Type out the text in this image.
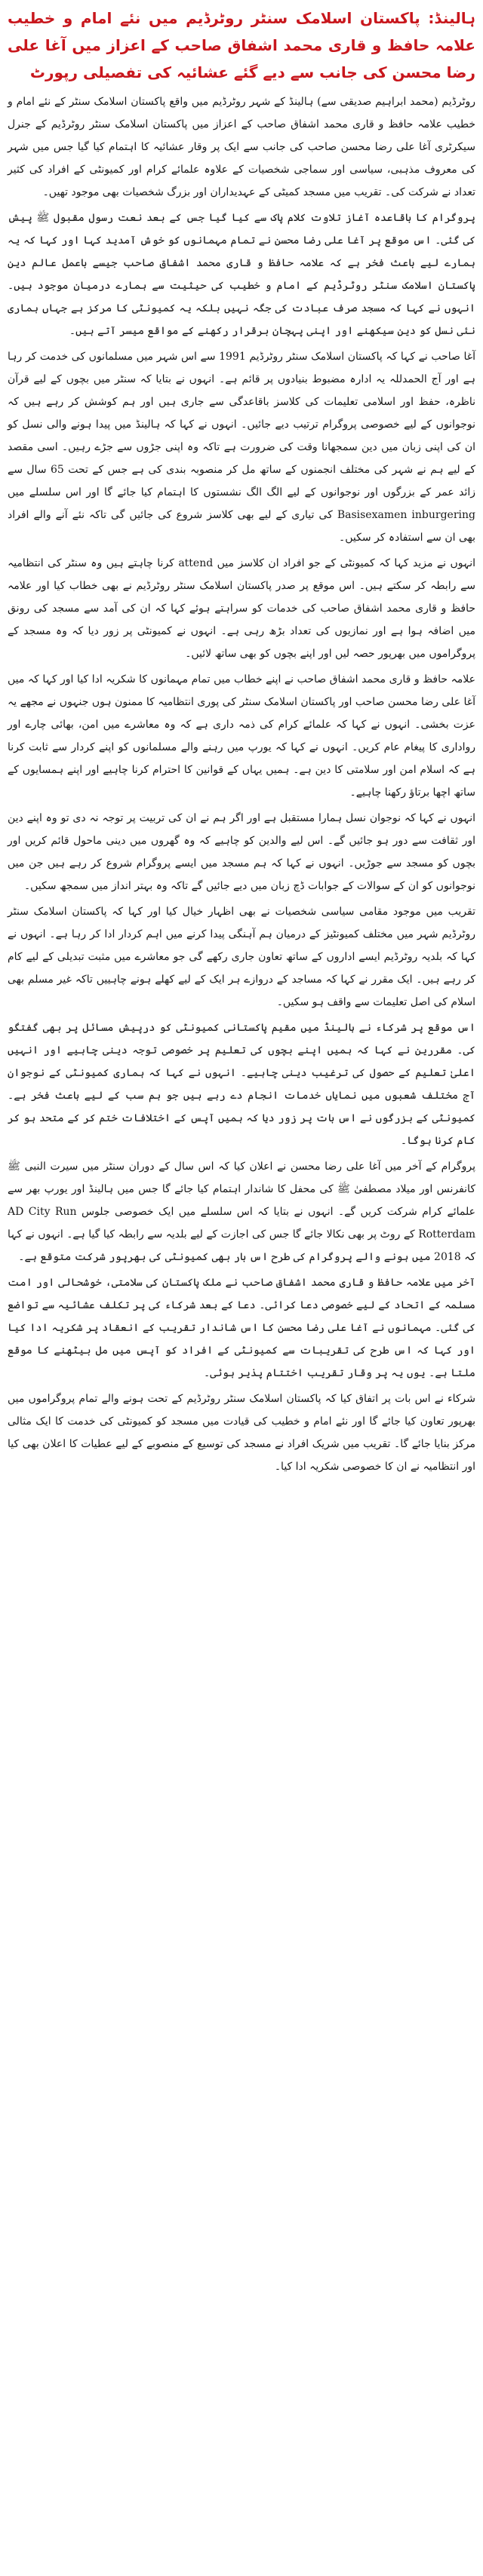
ہالینڈ: پاکستان اسلامک سنٹر روٹرڈیم میں نئے امام و خطیب علامہ حافظ و قاری محمد اشفاق صاحب کے اعزاز میں آغا علی رضا محسن کی جانب سے دیے گئے عشائیہ کی تفصیلی رپورٹ

روٹرڈیم (محمد ابراہیم صدیقی سے) ہالینڈ کے شہر روٹرڈیم میں واقع پاکستان اسلامک سنٹر کے نئے امام و خطیب علامہ حافظ و قاری محمد اشفاق صاحب کے اعزاز میں پاکستان اسلامک سنٹر روٹرڈیم کے جنرل سیکرٹری آغا علی رضا محسن صاحب کی جانب سے ایک پر وقار عشائیہ کا اہتمام کیا گیا جس میں شہر کی معروف مذہبی، سیاسی اور سماجی شخصیات کے علاوہ علمائے کرام اور کمیونٹی کے افراد کی کثیر تعداد نے شرکت کی۔ تقریب میں مسجد کمیٹی کے عہدیداران اور بزرگ شخصیات بھی موجود تھیں۔

پروگرام کا باقاعدہ آغاز تلاوت کلام پاک سے کیا گیا جس کے بعد نعت رسول مقبول ﷺ پیش کی گئی۔ اس موقع پر آغا علی رضا محسن نے تمام مہمانوں کو خوش آمدید کہا اور کہا کہ یہ ہمارے لیے باعث فخر ہے کہ علامہ حافظ و قاری محمد اشفاق صاحب جیسے باعمل عالم دین پاکستان اسلامک سنٹر روٹرڈیم کے امام و خطیب کی حیثیت سے ہمارے درمیان موجود ہیں۔ انہوں نے کہا کہ مسجد صرف عبادت کی جگہ نہیں بلکہ یہ کمیونٹی کا مرکز ہے جہاں ہماری نئی نسل کو دین سیکھنے اور اپنی پہچان برقرار رکھنے کے مواقع میسر آتے ہیں۔

آغا صاحب نے کہا کہ پاکستان اسلامک سنٹر روٹرڈیم 1991 سے اس شہر میں مسلمانوں کی خدمت کر رہا ہے اور آج الحمدللہ یہ ادارہ مضبوط بنیادوں پر قائم ہے۔ انہوں نے بتایا کہ سنٹر میں بچوں کے لیے قرآن ناظرہ، حفظ اور اسلامی تعلیمات کی کلاسز باقاعدگی سے جاری ہیں اور ہم کوشش کر رہے ہیں کہ نوجوانوں کے لیے خصوصی پروگرام ترتیب دیے جائیں۔ انہوں نے کہا کہ ہالینڈ میں پیدا ہونے والی نسل کو ان کی اپنی زبان میں دین سمجھانا وقت کی ضرورت ہے تاکہ وہ اپنی جڑوں سے جڑے رہیں۔ اسی مقصد کے لیے ہم نے شہر کی مختلف انجمنوں کے ساتھ مل کر منصوبہ بندی کی ہے جس کے تحت 65 سال سے زائد عمر کے بزرگوں اور نوجوانوں کے لیے الگ الگ نشستوں کا اہتمام کیا جائے گا اور اس سلسلے میں Basisexamen inburgering کی تیاری کے لیے بھی کلاسز شروع کی جائیں گی تاکہ نئے آنے والے افراد بھی ان سے استفادہ کر سکیں۔

انہوں نے مزید کہا کہ کمیونٹی کے جو افراد ان کلاسز میں attend کرنا چاہتے ہیں وہ سنٹر کی انتظامیہ سے رابطہ کر سکتے ہیں۔ اس موقع پر صدر پاکستان اسلامک سنٹر روٹرڈیم نے بھی خطاب کیا اور علامہ حافظ و قاری محمد اشفاق صاحب کی خدمات کو سراہتے ہوئے کہا کہ ان کی آمد سے مسجد کی رونق میں اضافہ ہوا ہے اور نمازیوں کی تعداد بڑھ رہی ہے۔ انہوں نے کمیونٹی پر زور دیا کہ وہ مسجد کے پروگراموں میں بھرپور حصہ لیں اور اپنے بچوں کو بھی ساتھ لائیں۔

علامہ حافظ و قاری محمد اشفاق صاحب نے اپنے خطاب میں تمام مہمانوں کا شکریہ ادا کیا اور کہا کہ میں آغا علی رضا محسن صاحب اور پاکستان اسلامک سنٹر کی پوری انتظامیہ کا ممنون ہوں جنہوں نے مجھے یہ عزت بخشی۔ انہوں نے کہا کہ علمائے کرام کی ذمہ داری ہے کہ وہ معاشرے میں امن، بھائی چارے اور رواداری کا پیغام عام کریں۔ انہوں نے کہا کہ یورپ میں رہنے والے مسلمانوں کو اپنے کردار سے ثابت کرنا ہے کہ اسلام امن اور سلامتی کا دین ہے۔ ہمیں یہاں کے قوانین کا احترام کرنا چاہیے اور اپنے ہمسایوں کے ساتھ اچھا برتاؤ رکھنا چاہیے۔

انہوں نے کہا کہ نوجوان نسل ہمارا مستقبل ہے اور اگر ہم نے ان کی تربیت پر توجہ نہ دی تو وہ اپنے دین اور ثقافت سے دور ہو جائیں گے۔ اس لیے والدین کو چاہیے کہ وہ گھروں میں دینی ماحول قائم کریں اور بچوں کو مسجد سے جوڑیں۔ انہوں نے کہا کہ ہم مسجد میں ایسے پروگرام شروع کر رہے ہیں جن میں نوجوانوں کو ان کے سوالات کے جوابات ڈچ زبان میں دیے جائیں گے تاکہ وہ بہتر انداز میں سمجھ سکیں۔

تقریب میں موجود مقامی سیاسی شخصیات نے بھی اظہار خیال کیا اور کہا کہ پاکستان اسلامک سنٹر روٹرڈیم شہر میں مختلف کمیونٹیز کے درمیان ہم آہنگی پیدا کرنے میں اہم کردار ادا کر رہا ہے۔ انہوں نے کہا کہ بلدیہ روٹرڈیم ایسے اداروں کے ساتھ تعاون جاری رکھے گی جو معاشرے میں مثبت تبدیلی کے لیے کام کر رہے ہیں۔ ایک مقرر نے کہا کہ مساجد کے دروازے ہر ایک کے لیے کھلے ہونے چاہییں تاکہ غیر مسلم بھی اسلام کی اصل تعلیمات سے واقف ہو سکیں۔

اس موقع پر شرکاء نے ہالینڈ میں مقیم پاکستانی کمیونٹی کو درپیش مسائل پر بھی گفتگو کی۔ مقررین نے کہا کہ ہمیں اپنے بچوں کی تعلیم پر خصوصی توجہ دینی چاہیے اور انہیں اعلیٰ تعلیم کے حصول کی ترغیب دینی چاہیے۔ انہوں نے کہا کہ ہماری کمیونٹی کے نوجوان آج مختلف شعبوں میں نمایاں خدمات انجام دے رہے ہیں جو ہم سب کے لیے باعث فخر ہے۔ کمیونٹی کے بزرگوں نے اس بات پر زور دیا کہ ہمیں آپس کے اختلافات ختم کر کے متحد ہو کر کام کرنا ہوگا۔

پروگرام کے آخر میں آغا علی رضا محسن نے اعلان کیا کہ اس سال کے دوران سنٹر میں سیرت النبی ﷺ کانفرنس اور میلاد مصطفیٰ ﷺ کی محفل کا شاندار اہتمام کیا جائے گا جس میں ہالینڈ اور یورپ بھر سے علمائے کرام شرکت کریں گے۔ انہوں نے بتایا کہ اس سلسلے میں ایک خصوصی جلوس AD City Run Rotterdam کے روٹ پر بھی نکالا جائے گا جس کی اجازت کے لیے بلدیہ سے رابطہ کیا گیا ہے۔ انہوں نے کہا کہ 2018 میں ہونے والے پروگرام کی طرح اس بار بھی کمیونٹی کی بھرپور شرکت متوقع ہے۔

آخر میں علامہ حافظ و قاری محمد اشفاق صاحب نے ملک پاکستان کی سلامتی، خوشحالی اور امت مسلمہ کے اتحاد کے لیے خصوصی دعا کرائی۔ دعا کے بعد شرکاء کی پر تکلف عشائیہ سے تواضع کی گئی۔ مہمانوں نے آغا علی رضا محسن کا اس شاندار تقریب کے انعقاد پر شکریہ ادا کیا اور کہا کہ اس طرح کی تقریبات سے کمیونٹی کے افراد کو آپس میں مل بیٹھنے کا موقع ملتا ہے۔ یوں یہ پر وقار تقریب اختتام پذیر ہوئی۔

شرکاء نے اس بات پر اتفاق کیا کہ پاکستان اسلامک سنٹر روٹرڈیم کے تحت ہونے والے تمام پروگراموں میں بھرپور تعاون کیا جائے گا اور نئے امام و خطیب کی قیادت میں مسجد کو کمیونٹی کی خدمت کا ایک مثالی مرکز بنایا جائے گا۔ تقریب میں شریک افراد نے مسجد کی توسیع کے منصوبے کے لیے عطیات کا اعلان بھی کیا اور انتظامیہ نے ان کا خصوصی شکریہ ادا کیا۔
